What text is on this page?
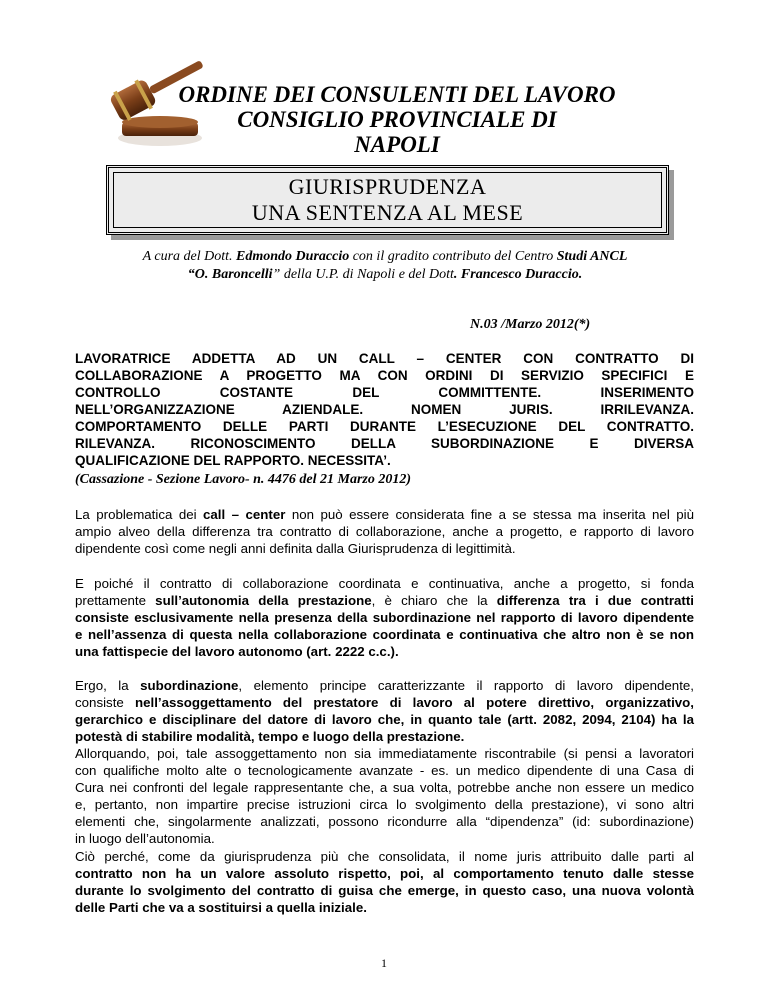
ORDINE DEI CONSULENTI DEL LAVORO
CONSIGLIO PROVINCIALE DI
NAPOLI
GIURISPRUDENZA
UNA SENTENZA AL MESE
A cura del Dott. Edmondo Duraccio con il gradito contributo del Centro Studi ANCL
“O. Baroncelli” della U.P. di Napoli e del Dott. Francesco Duraccio.
N.03 /Marzo 2012(*)
LAVORATRICE ADDETTA AD UN CALL – CENTER CON CONTRATTO DI
COLLABORAZIONE A PROGETTO MA CON ORDINI DI SERVIZIO SPECIFICI E
CONTROLLO COSTANTE DEL COMMITTENTE. INSERIMENTO
NELL’ORGANIZZAZIONE AZIENDALE. NOMEN JURIS. IRRILEVANZA.
COMPORTAMENTO DELLE PARTI DURANTE L’ESECUZIONE DEL CONTRATTO.
RILEVANZA. RICONOSCIMENTO DELLA SUBORDINAZIONE E DIVERSA
QUALIFICAZIONE DEL RAPPORTO. NECESSITA’.
(Cassazione - Sezione Lavoro- n. 4476 del 21 Marzo 2012)
La problematica dei call – center non può essere considerata fine a se stessa ma inserita nel più
ampio alveo della differenza tra contratto di collaborazione, anche a progetto, e rapporto di lavoro
dipendente così come negli anni definita dalla Giurisprudenza di legittimità.
E poiché il contratto di collaborazione coordinata e continuativa, anche a progetto, si fonda
prettamente sull’autonomia della prestazione, è chiaro che la differenza tra i due contratti
consiste esclusivamente nella presenza della subordinazione nel rapporto di lavoro dipendente
e nell’assenza di questa nella collaborazione coordinata e continuativa che altro non è se non
una fattispecie del lavoro autonomo (art. 2222 c.c.).
Ergo, la subordinazione, elemento principe caratterizzante il rapporto di lavoro dipendente,
consiste nell’assoggettamento del prestatore di lavoro al potere direttivo, organizzativo,
gerarchico e disciplinare del datore di lavoro che, in quanto tale (artt. 2082, 2094, 2104) ha la
potestà di stabilire modalità, tempo e luogo della prestazione.
Allorquando, poi, tale assoggettamento non sia immediatamente riscontrabile (si pensi a lavoratori
con qualifiche molto alte o tecnologicamente avanzate - es. un medico dipendente di una Casa di
Cura nei confronti del legale rappresentante che, a sua volta, potrebbe anche non essere un medico
e, pertanto, non impartire precise istruzioni circa lo svolgimento della prestazione), vi sono altri
elementi che, singolarmente analizzati, possono ricondurre alla “dipendenza” (id: subordinazione)
in luogo dell’autonomia.
Ciò perché, come da giurisprudenza più che consolidata, il nome juris attribuito dalle parti al
contratto non ha un valore assoluto rispetto, poi, al comportamento tenuto dalle stesse
durante lo svolgimento del contratto di guisa che emerge, in questo caso, una nuova volontà
delle Parti che va a sostituirsi a quella iniziale.
1
